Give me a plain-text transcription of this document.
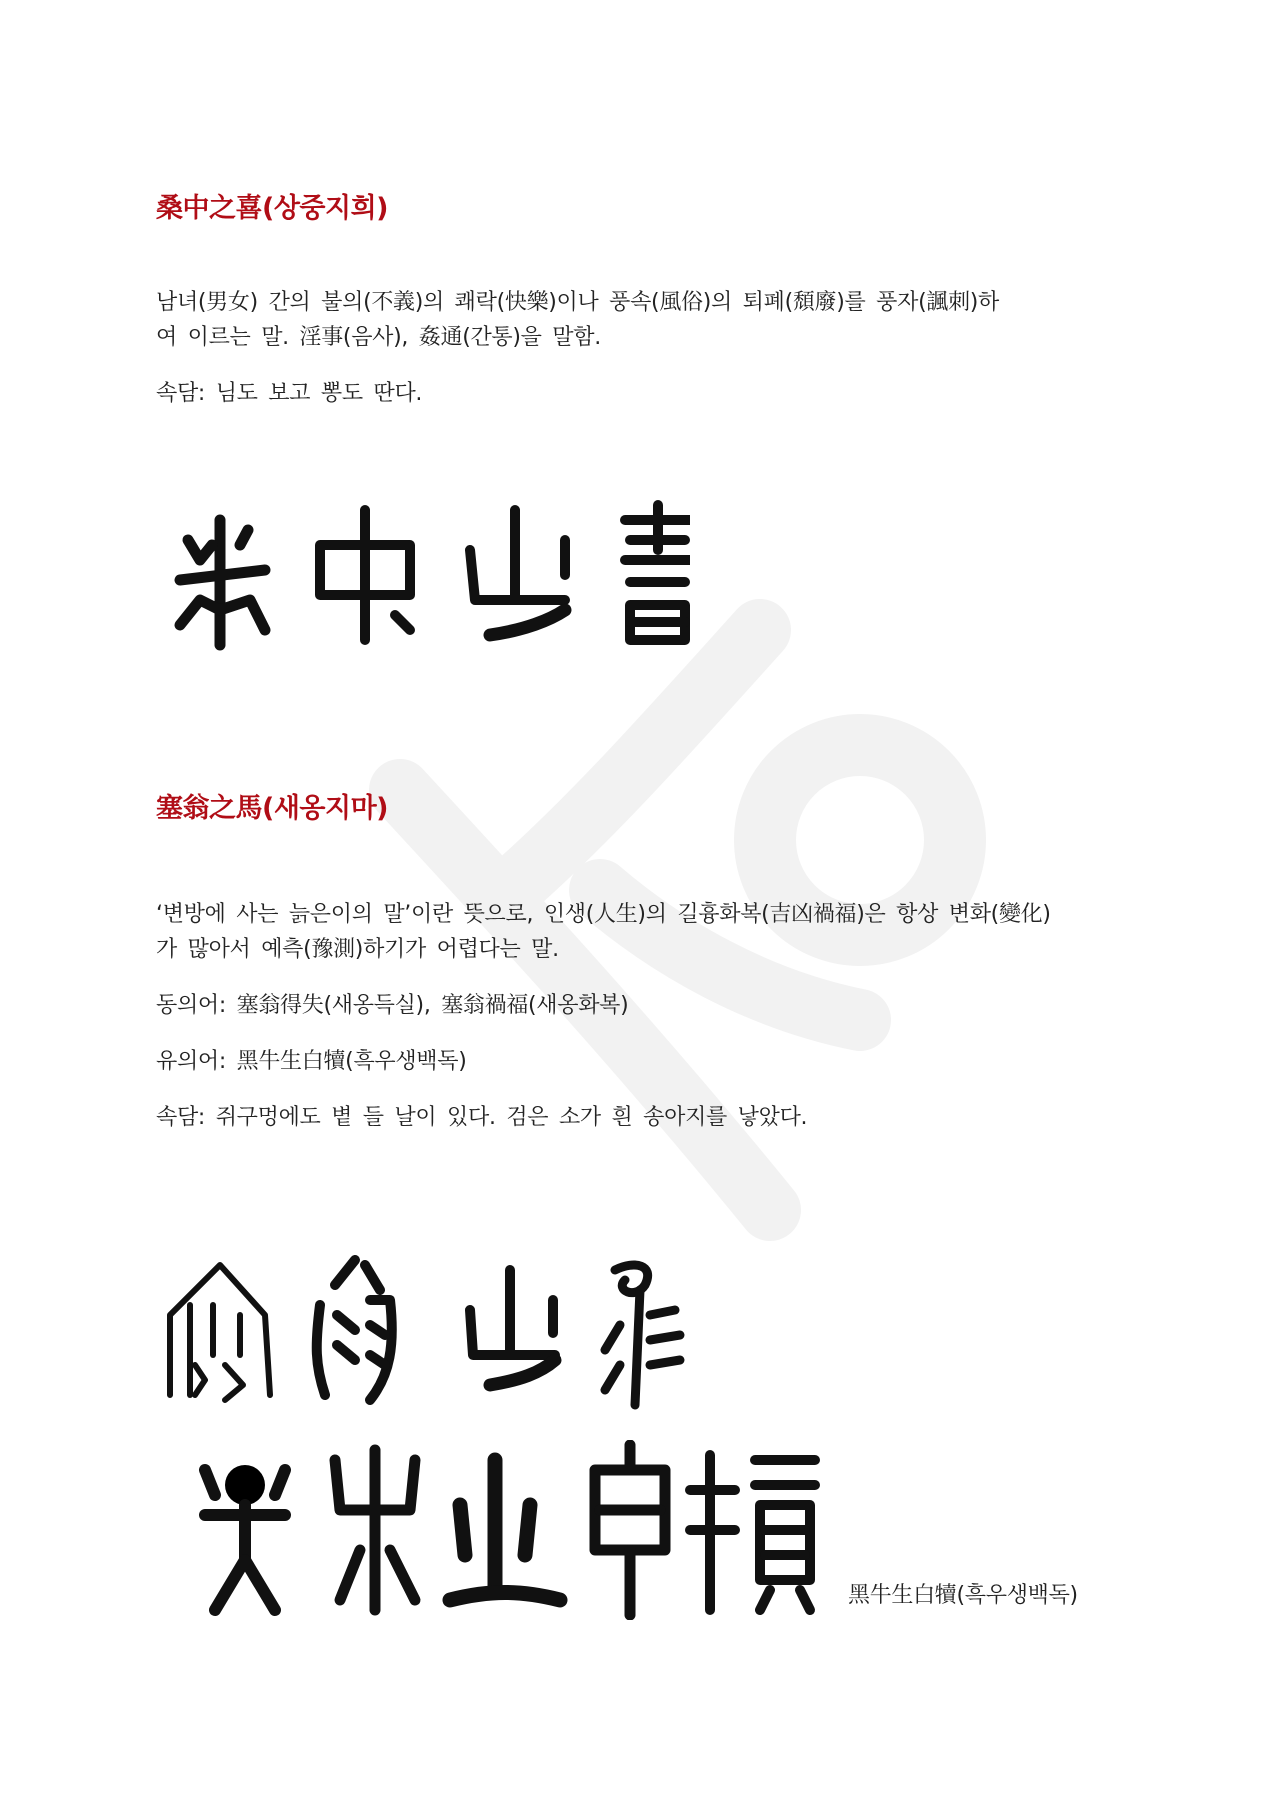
桑中之喜(상중지희)

남녀(男女) 간의 불의(不義)의 쾌락(快樂)이나 풍속(風俗)의 퇴폐(頹廢)를 풍자(諷刺)하여 이르는 말. 淫事(음사), 姦通(간통)을 말함.

속담: 님도 보고 뽕도 딴다.

塞翁之馬(새옹지마)

‘변방에 사는 늙은이의 말’이란 뜻으로, 인생(人生)의 길흉화복(吉凶禍福)은 항상 변화(變化)가 많아서 예측(豫測)하기가 어렵다는 말.

동의어: 塞翁得失(새옹득실), 塞翁禍福(새옹화복)

유의어: 黑牛生白犢(흑우생백독)

속담: 쥐구멍에도 볕 들 날이 있다. 검은 소가 흰 송아지를 낳았다.

黑牛生白犢(흑우생백독)
